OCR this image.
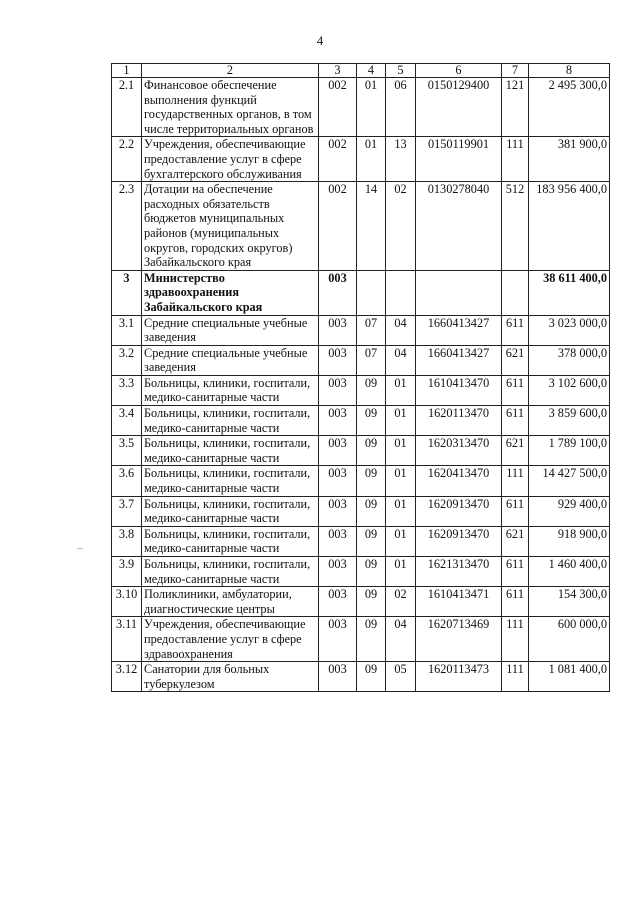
4
1	2	3	4	5	6	7	8
2.1	Финансовое обеспечение выполнения функций государственных органов, в том числе территориальных органов	002	01	06	0150129400	121	2 495 300,0
2.2	Учреждения, обеспечивающие предоставление услуг в сфере бухгалтерского обслуживания	002	01	13	0150119901	111	381 900,0
2.3	Дотации на обеспечение расходных обязательств бюджетов муниципальных районов (муниципальных округов, городских округов) Забайкальского края	002	14	02	0130278040	512	183 956 400,0
3	Министерство здравоохранения Забайкальского края	003					38 611 400,0
3.1	Средние специальные учебные заведения	003	07	04	1660413427	611	3 023 000,0
3.2	Средние специальные учебные заведения	003	07	04	1660413427	621	378 000,0
3.3	Больницы, клиники, госпитали, медико-санитарные части	003	09	01	1610413470	611	3 102 600,0
3.4	Больницы, клиники, госпитали, медико-санитарные части	003	09	01	1620113470	611	3 859 600,0
3.5	Больницы, клиники, госпитали, медико-санитарные части	003	09	01	1620313470	621	1 789 100,0
3.6	Больницы, клиники, госпитали, медико-санитарные части	003	09	01	1620413470	111	14 427 500,0
3.7	Больницы, клиники, госпитали, медико-санитарные части	003	09	01	1620913470	611	929 400,0
3.8	Больницы, клиники, госпитали, медико-санитарные части	003	09	01	1620913470	621	918 900,0
3.9	Больницы, клиники, госпитали, медико-санитарные части	003	09	01	1621313470	611	1 460 400,0
3.10	Поликлиники, амбулатории, диагностические центры	003	09	02	1610413471	611	154 300,0
3.11	Учреждения, обеспечивающие предоставление услуг в сфере здравоохранения	003	09	04	1620713469	111	600 000,0
3.12	Санатории для больных туберкулезом	003	09	05	1620113473	111	1 081 400,0
